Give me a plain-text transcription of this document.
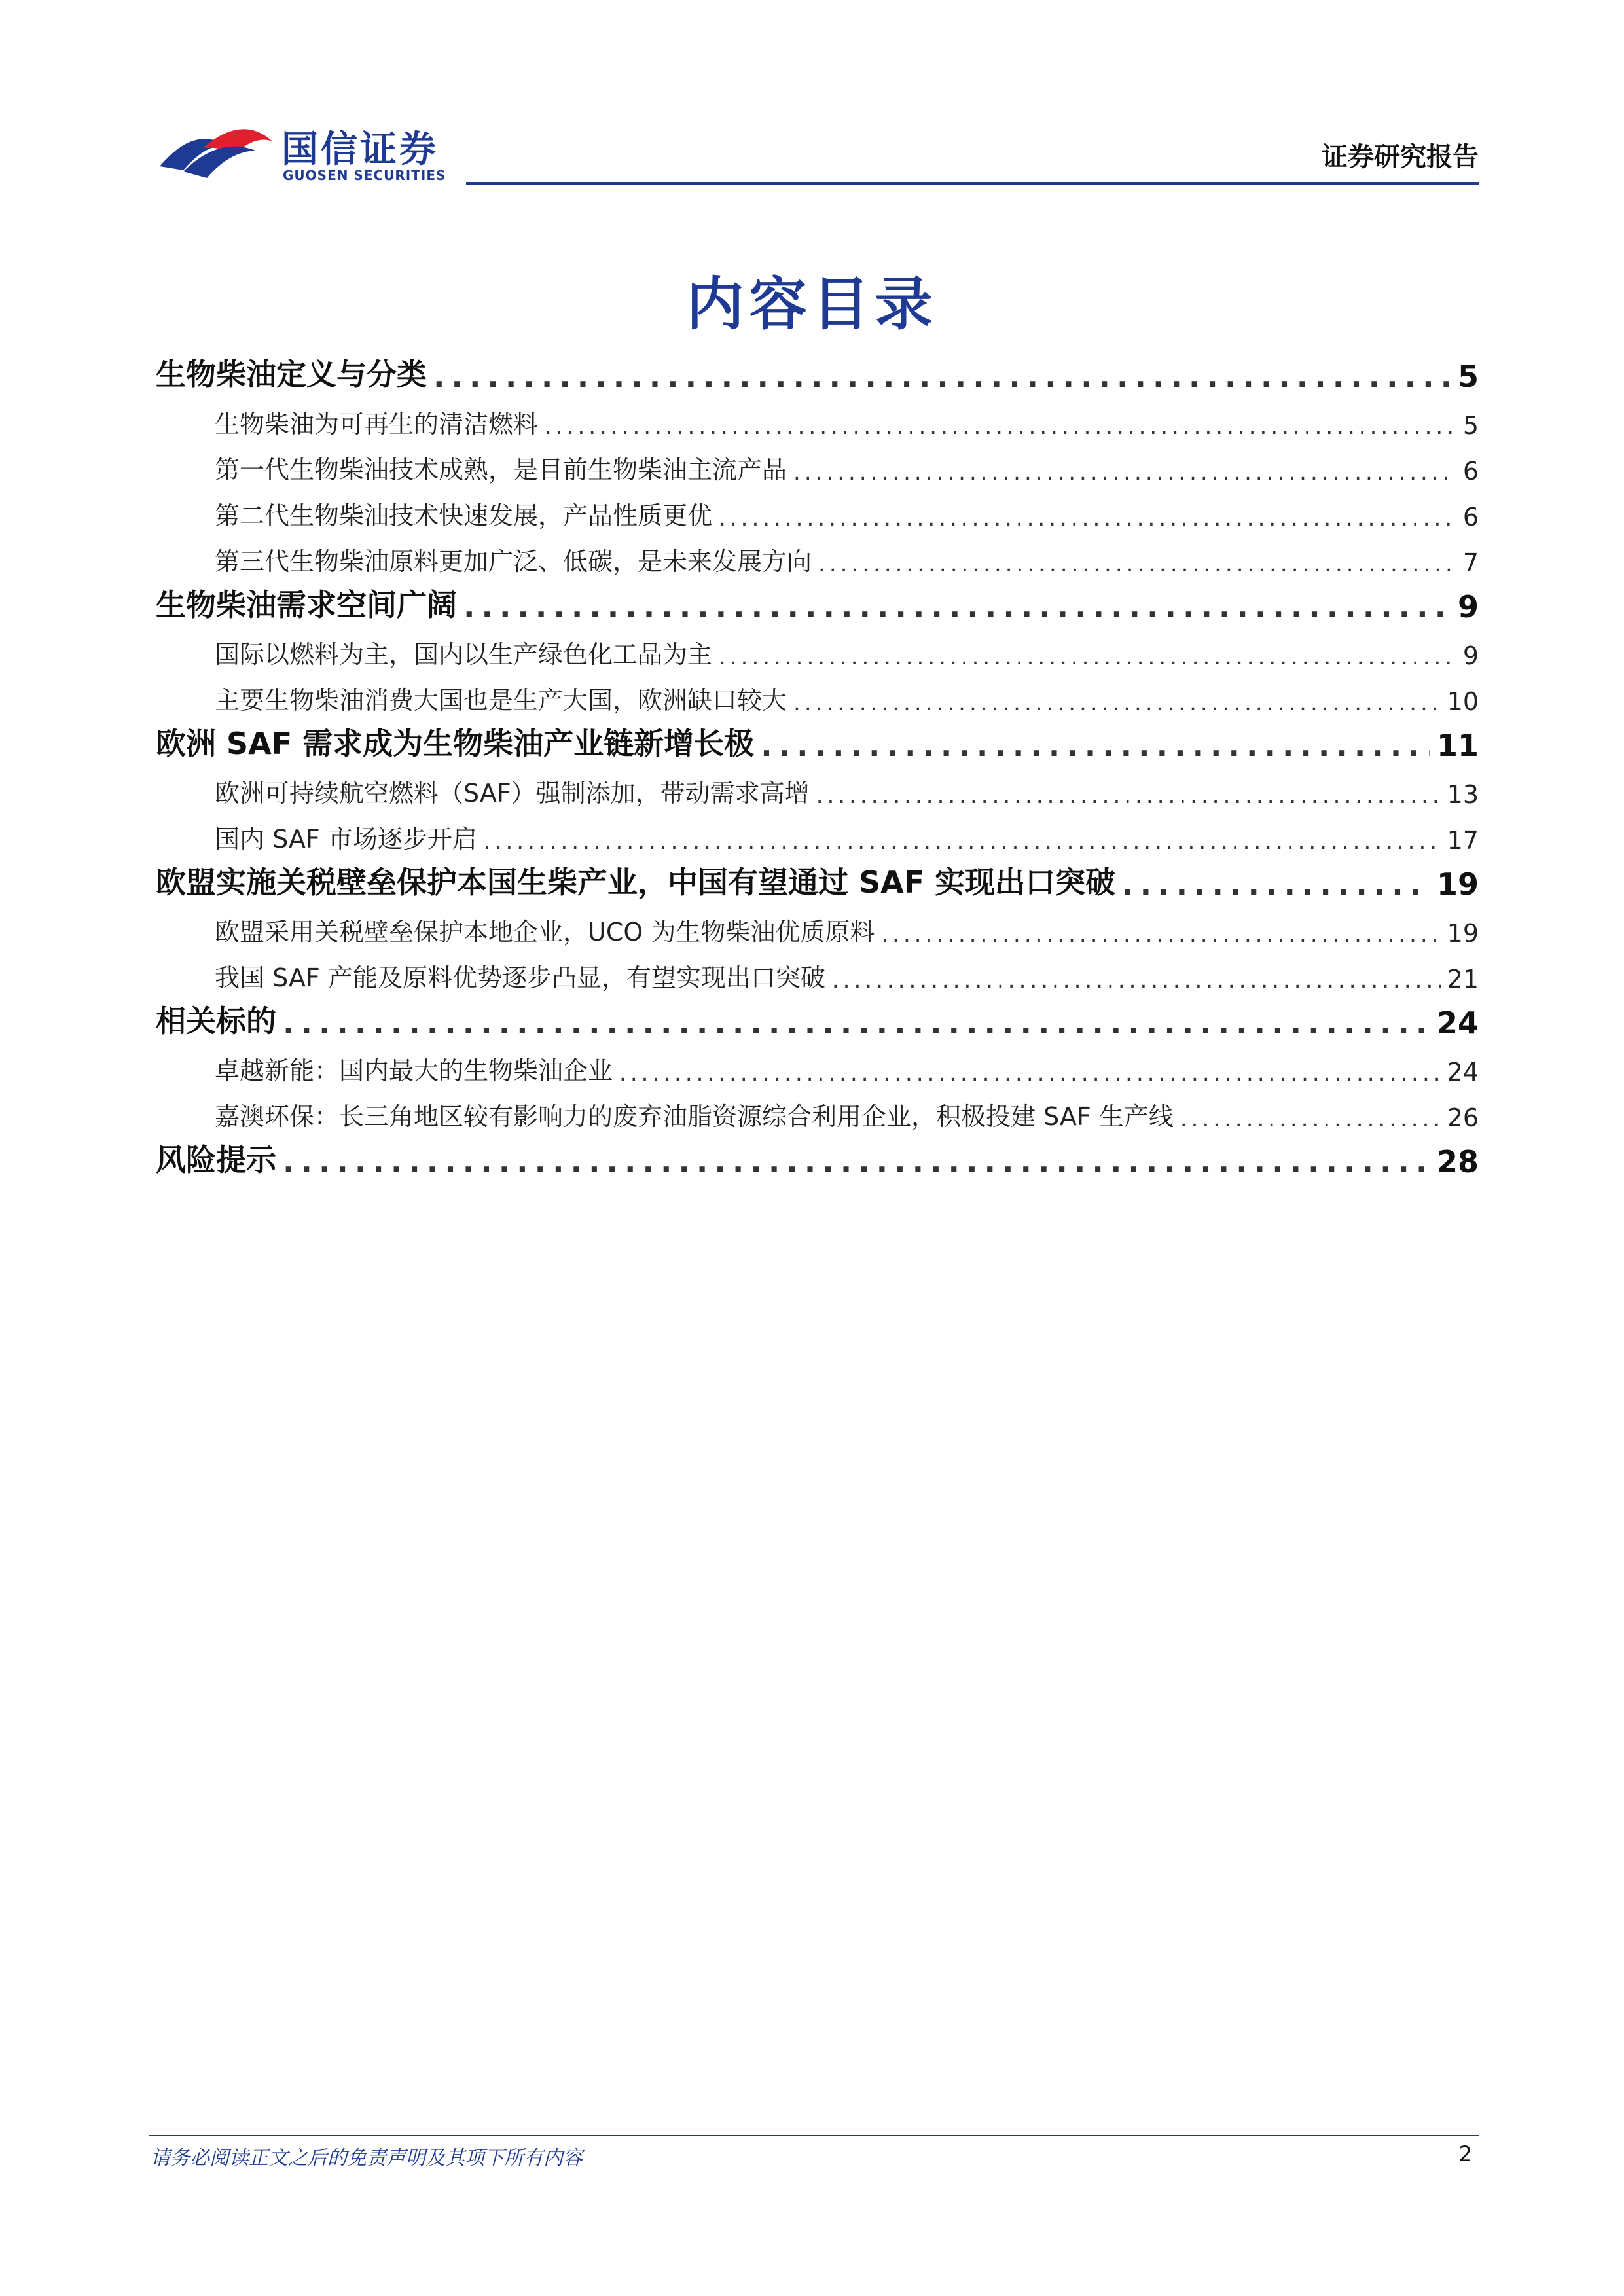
国信证券
GUOSEN SECURITIES
证券研究报告
内容目录
生物柴油定义与分类 .....	5
生物柴油为可再生的清洁燃料 .....	5
第一代生物柴油技术成熟，是目前生物柴油主流产品 .....	6
第二代生物柴油技术快速发展，产品性质更优 .....	6
第三代生物柴油原料更加广泛、低碳，是未来发展方向 .....	7
生物柴油需求空间广阔 .....	9
国际以燃料为主，国内以生产绿色化工品为主 .....	9
主要生物柴油消费大国也是生产大国，欧洲缺口较大 .....	10
欧洲 SAF 需求成为生物柴油产业链新增长极 .....	11
欧洲可持续航空燃料（SAF）强制添加，带动需求高增 .....	13
国内 SAF 市场逐步开启 .....	17
欧盟实施关税壁垒保护本国生柴产业，中国有望通过 SAF 实现出口突破 .....	19
欧盟采用关税壁垒保护本地企业，UCO 为生物柴油优质原料 .....	19
我国 SAF 产能及原料优势逐步凸显，有望实现出口突破 .....	21
相关标的 .....	24
卓越新能：国内最大的生物柴油企业 .....	24
嘉澳环保：长三角地区较有影响力的废弃油脂资源综合利用企业，积极投建 SAF 生产线 .....	26
风险提示 .....	28
请务必阅读正文之后的免责声明及其项下所有内容	2
